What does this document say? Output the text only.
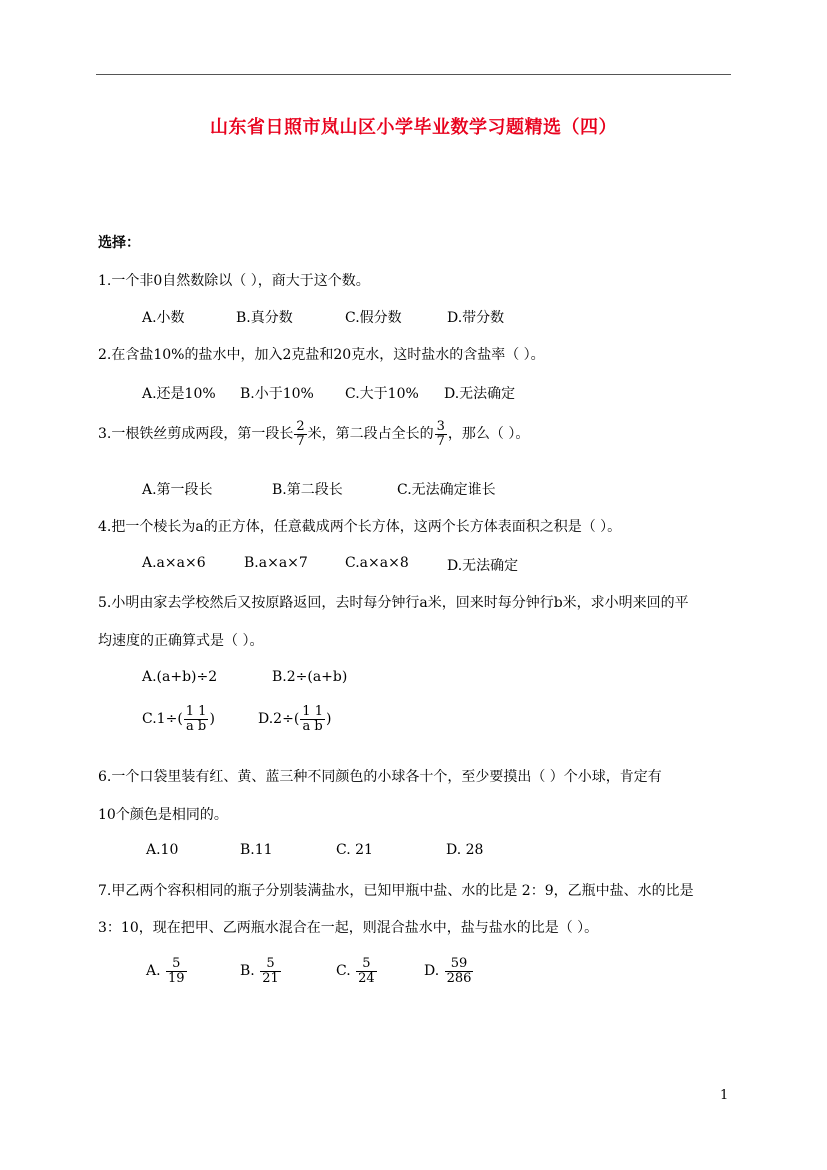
山东省日照市岚山区小学毕业数学习题精选（四）
选择：
1.一个非0自然数除以（ ），商大于这个数。
A.小数	B.真分数	C.假分数	D.带分数
2.在含盐10%的盐水中，加入2克盐和20克水，这时盐水的含盐率（ ）。
A.还是10% B.小于10% C.大于10% D.无法确定
3.一根铁丝剪成两段，第一段长 $\frac{2}{7}$ 米，第二段占全长的 $\frac{3}{7}$ ，那么（ ）。
A.第一段长	B.第二段长	C.无法确定谁长
4.把一个棱长为a的正方体，任意截成两个长方体，这两个长方体表面积之积是（ ）。
A.a×a×6	B.a×a×7	C.a×a×8	D.无法确定
5.小明由家去学校然后又按原路返回，去时每分钟行a米，回来时每分钟行b米，求小明来回的平
均速度的正确算式是（ ）。
A.(a+b)÷2	B.2÷(a+b)
$C.1\div( \frac{1 1}{\text{a b}}$ )	$D.2\div( \frac{1 1}{\text{a b}}$ )
6.一个口袋里装有红、黄、蓝三种不同颜色的小球各十个，至少要摸出（ ）个小球，肯定有
10个颜色是相同的。
A.10	B.11	C. 21	D. 28
7.甲乙两个容积相同的瓶子分别装满盐水，已知甲瓶中盐、水的比是 2：9，乙瓶中盐、水的比是
3：10，现在把甲、乙两瓶水混合在一起，则混合盐水中，盐与盐水的比是（ ）。
A. $\frac{5}{19}$	B. $\frac{5}{21}$	C. $\frac{5}{24}$	D. $\frac{59}{286}$
1
